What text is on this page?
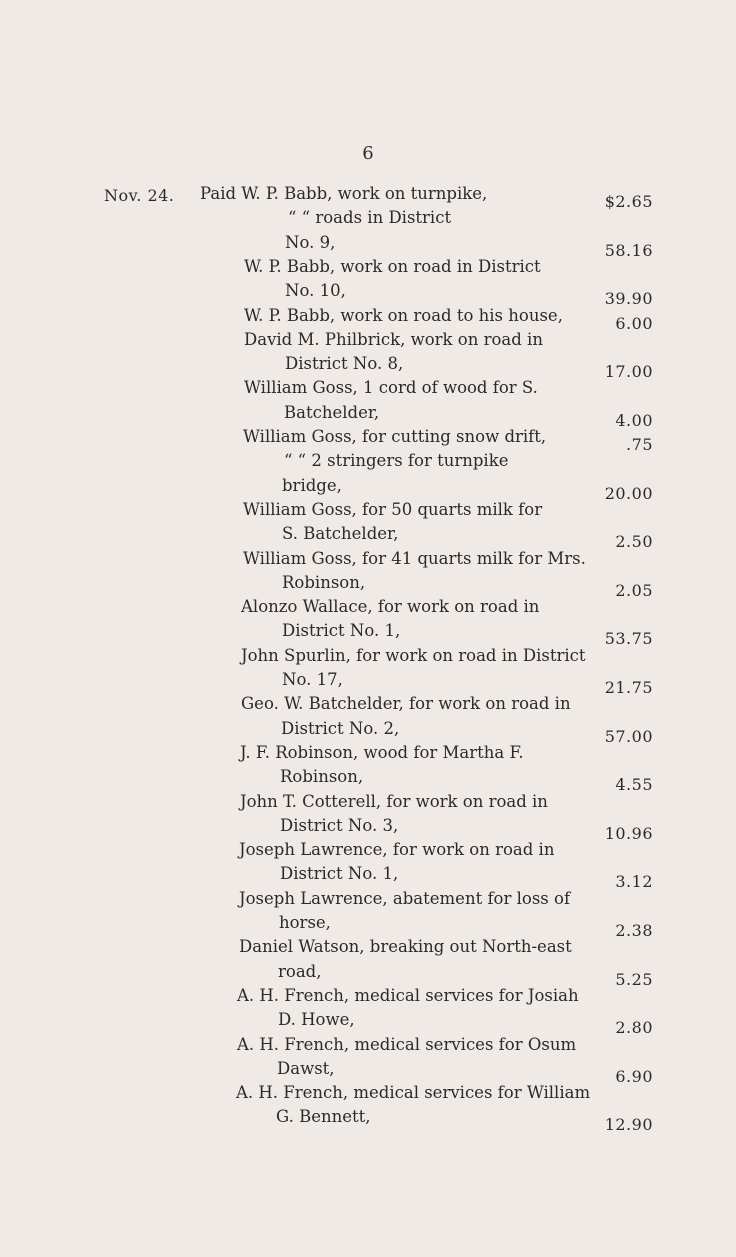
6
Nov. 24. Paid W. P. Babb, work on turnpike,	$2.65
“ “ roads in District
No. 9,	58.16
W. P. Babb, work on road in District
No. 10,	39.90
W. P. Babb, work on road to his house,	6.00
David M. Philbrick, work on road in
District No. 8,	17.00
William Goss, 1 cord of wood for S.
Batchelder,	4.00
William Goss, for cutting snow drift,	.75
“ “ 2 stringers for turnpike
bridge,	20.00
William Goss, for 50 quarts milk for
S. Batchelder,	2.50
William Goss, for 41 quarts milk for Mrs.
Robinson,	2.05
Alonzo Wallace, for work on road in
District No. 1,	53.75
John Spurlin, for work on road in District
No. 17,	21.75
Geo. W. Batchelder, for work on road in
District No. 2,	57.00
J. F. Robinson, wood for Martha F.
Robinson,	4.55
John T. Cotterell, for work on road in
District No. 3,	10.96
Joseph Lawrence, for work on road in
District No. 1,	3.12
Joseph Lawrence, abatement for loss of
horse,	2.38
Daniel Watson, breaking out North-east
road,	5.25
A. H. French, medical services for Josiah
D. Howe,	2.80
A. H. French, medical services for Osum
Dawst,	6.90
A. H. French, medical services for William
G. Bennett,	12.90
